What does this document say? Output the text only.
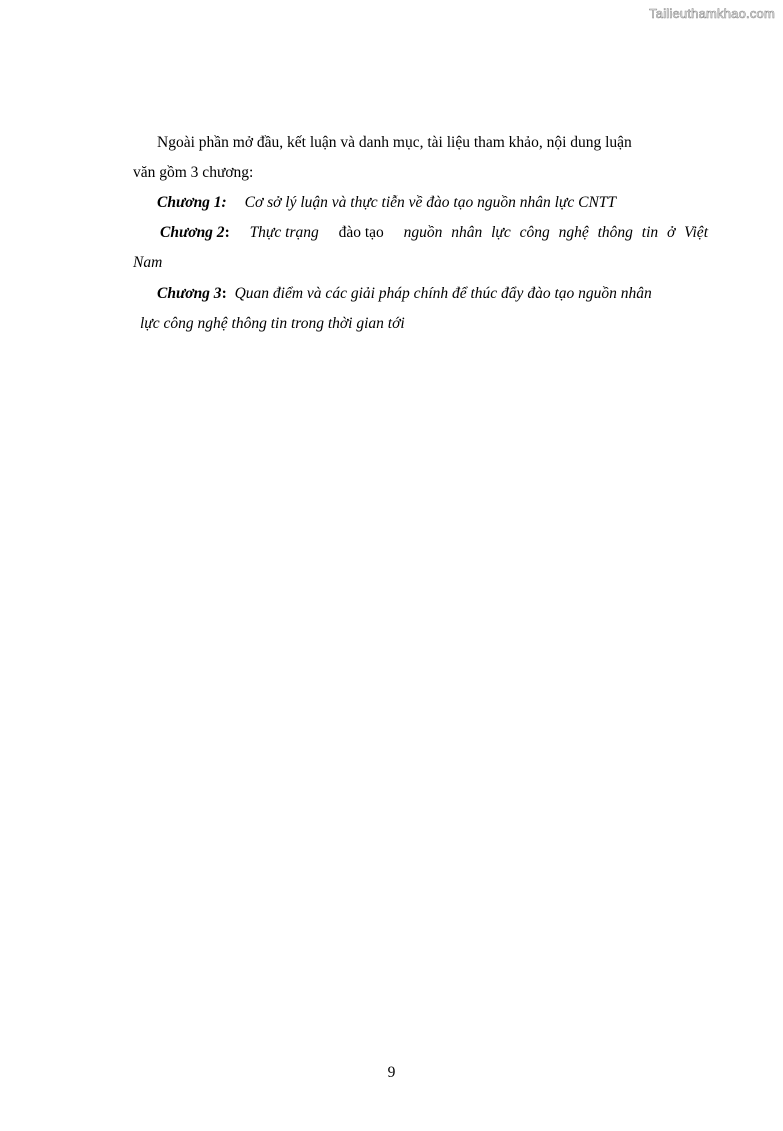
Tailieuthamkhao.com
Ngoài phần mở đầu, kết luận và danh mục, tài liệu tham khảo, nội dung luận
văn gồm 3 chương:
Chương 1: Cơ sở lý luận và thực tiễn về đào tạo nguồn nhân lực CNTT
Chương 2: Thực trạng đào tạo nguồn nhân lực công nghệ thông tin ở Việt
Nam
Chương 3: Quan điểm và các giải pháp chính để thúc đẩy đào tạo nguồn nhân
lực công nghệ thông tin trong thời gian tới
9
